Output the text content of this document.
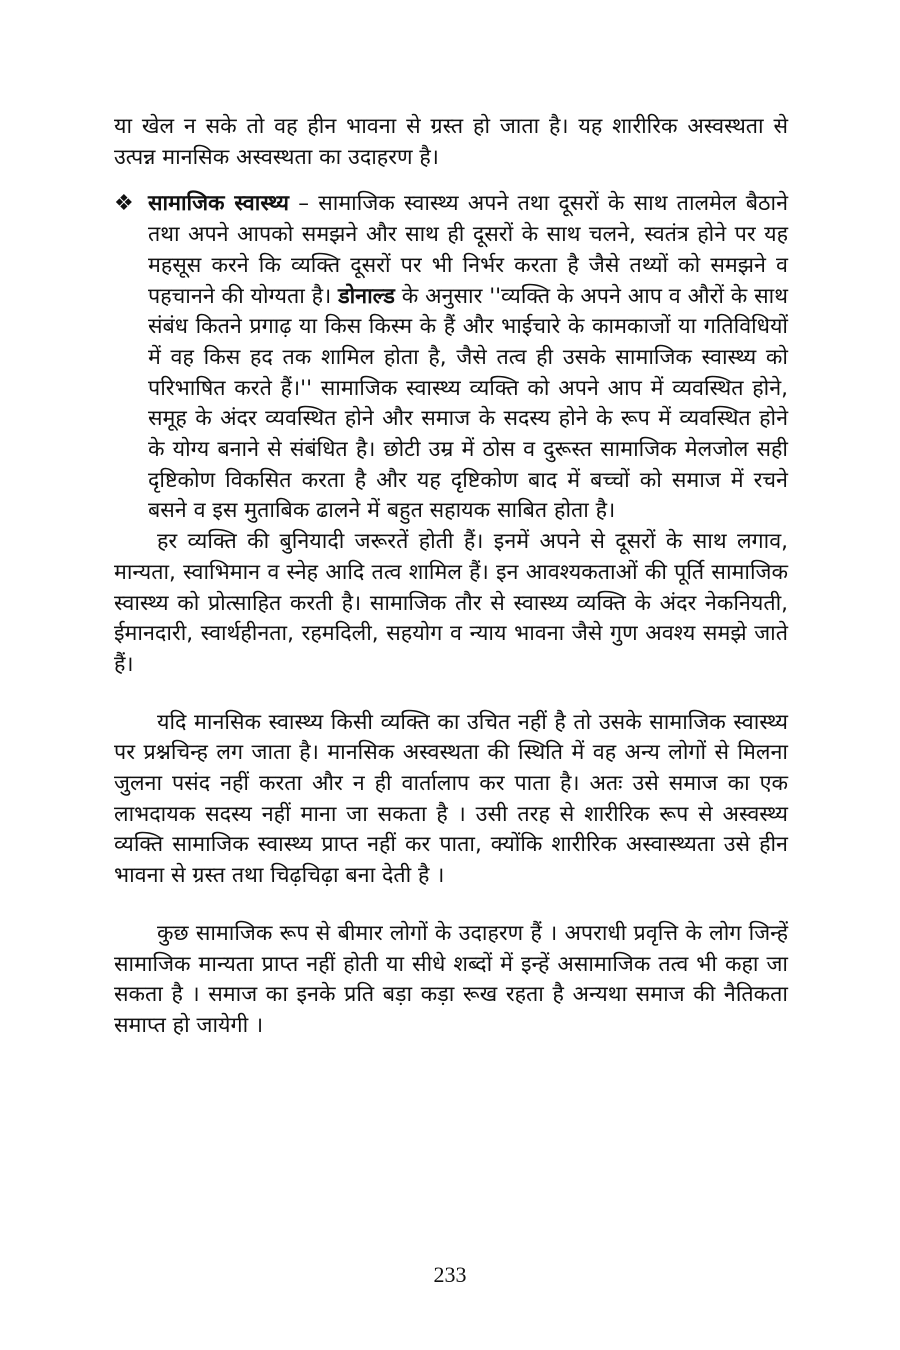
या खेल न सके तो वह हीन भावना से ग्रस्त हो जाता है। यह शारीरिक अस्वस्थता से उत्पन्न मानसिक अस्वस्थता का उदाहरण है।

❖ सामाजिक स्वास्थ्य – सामाजिक स्वास्थ्य अपने तथा दूसरों के साथ तालमेल बैठाने तथा अपने आपको समझने और साथ ही दूसरों के साथ चलने, स्वतंत्र होने पर यह महसूस करने कि व्यक्ति दूसरों पर भी निर्भर करता है जैसे तथ्यों को समझने व पहचानने की योग्यता है। डोनाल्ड के अनुसार ''व्यक्ति के अपने आप व औरों के साथ संबंध कितने प्रगाढ़ या किस किस्म के हैं और भाईचारे के कामकाजों या गतिविधियों में वह किस हद तक शामिल होता है, जैसे तत्व ही उसके सामाजिक स्वास्थ्य को परिभाषित करते हैं।'' सामाजिक स्वास्थ्य व्यक्ति को अपने आप में व्यवस्थित होने, समूह के अंदर व्यवस्थित होने और समाज के सदस्य होने के रूप में व्यवस्थित होने के योग्य बनाने से संबंधित है। छोटी उम्र में ठोस व दुरूस्त सामाजिक मेलजोल सही दृष्टिकोण विकसित करता है और यह दृष्टिकोण बाद में बच्चों को समाज में रचने बसने व इस मुताबिक ढालने में बहुत सहायक साबित होता है।

हर व्यक्ति की बुनियादी जरूरतें होती हैं। इनमें अपने से दूसरों के साथ लगाव, मान्यता, स्वाभिमान व स्नेह आदि तत्व शामिल हैं। इन आवश्यकताओं की पूर्ति सामाजिक स्वास्थ्य को प्रोत्साहित करती है। सामाजिक तौर से स्वास्थ्य व्यक्ति के अंदर नेकनियती, ईमानदारी, स्वार्थहीनता, रहमदिली, सहयोग व न्याय भावना जैसे गुण अवश्य समझे जाते हैं।

यदि मानसिक स्वास्थ्य किसी व्यक्ति का उचित नहीं है तो उसके सामाजिक स्वास्थ्य पर प्रश्नचिन्ह लग जाता है। मानसिक अस्वस्थता की स्थिति में वह अन्य लोगों से मिलना जुलना पसंद नहीं करता और न ही वार्तालाप कर पाता है। अतः उसे समाज का एक लाभदायक सदस्य नहीं माना जा सकता है । उसी तरह से शारीरिक रूप से अस्वस्थ्य व्यक्ति सामाजिक स्वास्थ्य प्राप्त नहीं कर पाता, क्योंकि शारीरिक अस्वास्थ्यता उसे हीन भावना से ग्रस्त तथा चिढ़चिढ़ा बना देती है ।

कुछ सामाजिक रूप से बीमार लोगों के उदाहरण हैं । अपराधी प्रवृत्ति के लोग जिन्हें सामाजिक मान्यता प्राप्त नहीं होती या सीधे शब्दों में इन्हें असामाजिक तत्व भी कहा जा सकता है । समाज का इनके प्रति बड़ा कड़ा रूख रहता है अन्यथा समाज की नैतिकता समाप्त हो जायेगी ।

233
